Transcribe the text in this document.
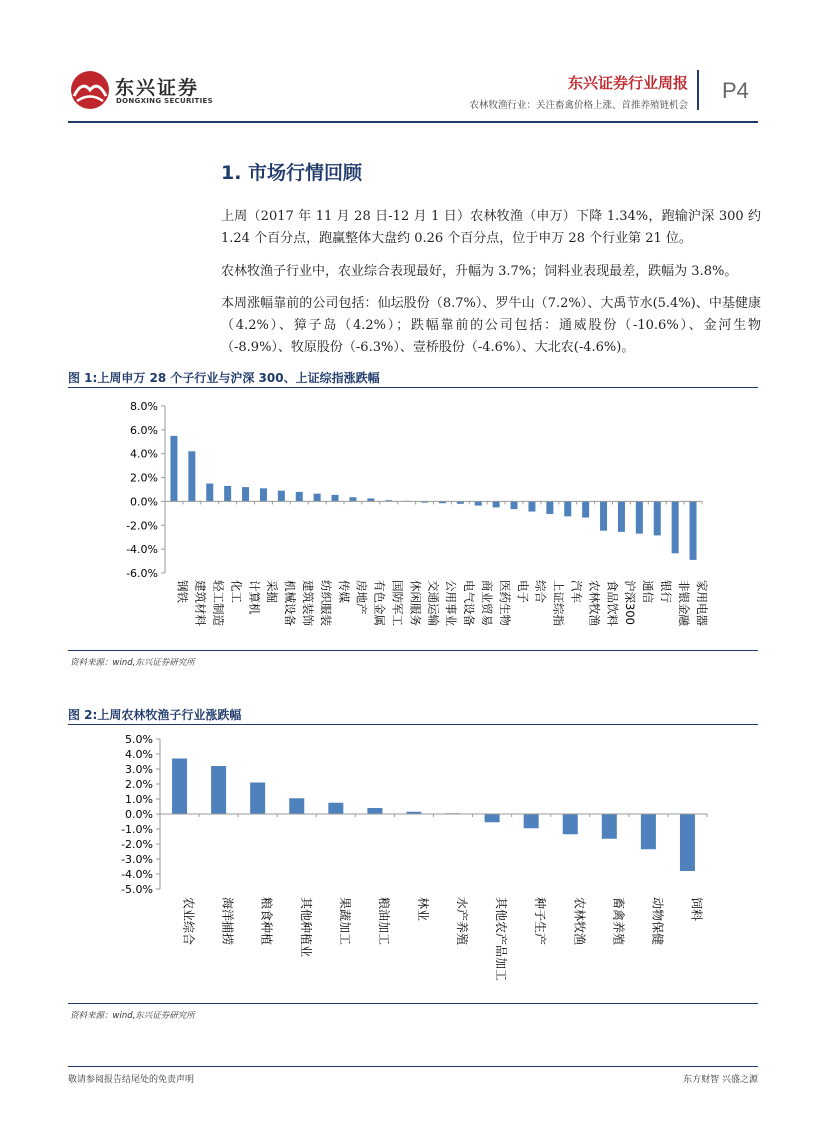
东兴证券
DONGXING SECURITIES
东兴证券行业周报
农林牧渔行业：关注畜禽价格上涨、首推养殖链机会
P4
1. 市场行情回顾
上周（2017 年 11 月 28 日-12 月 1 日）农林牧渔（申万）下降 1.34%，跑输沪深 300 约 1.24 个百分点，跑赢整体大盘约 0.26 个百分点，位于申万 28 个行业第 21 位。
农林牧渔子行业中，农业综合表现最好，升幅为 3.7%；饲料业表现最差，跌幅为 3.8%。
本周涨幅靠前的公司包括：仙坛股份（8.7%）、罗牛山（7.2%）、大禹节水(5.4%)、中基健康（4.2%）、獐子岛（4.2%）；跌幅靠前的公司包括：通威股份（-10.6%）、金河生物（-8.9%）、牧原股份（-6.3%）、壹桥股份（-4.6%）、大北农(-4.6%)。
图 1:上周申万 28 个子行业与沪深 300、上证综指涨跌幅
-6.0%
-4.0%
-2.0%
0.0%
2.0%
4.0%
6.0%
8.0%
钢铁 建筑材料 轻工制造 化工 计算机 采掘 机械设备 建筑装饰 纺织服装 传媒 房地产 有色金属 国防军工 休闲服务 交通运输 公用事业 电气设备 商业贸易 医药生物 电子 综合 上证综指 汽车 农林牧渔 食品饮料 沪深300 通信 银行 非银金融 家用电器
资料来源：wind,东兴证券研究所
图 2:上周农林牧渔子行业涨跌幅
-5.0%
-4.0%
-3.0%
-2.0%
-1.0%
0.0%
1.0%
2.0%
3.0%
4.0%
5.0%
农业综合 海洋捕捞 粮食种植 其他种植业 果蔬加工 粮油加工 林业 水产养殖 其他农产品加工 种子生产 农林牧渔 畜禽养殖 动物保健 饲料
资料来源：wind,东兴证券研究所
敬请参阅报告结尾处的免责声明	东方财智 兴盛之源
